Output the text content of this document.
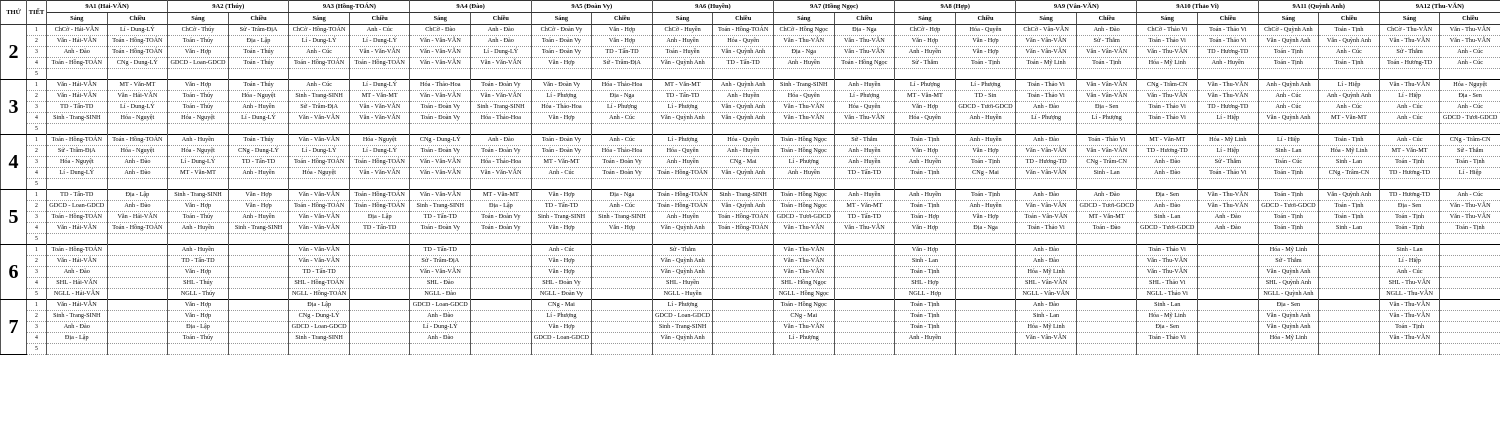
THỨ	TIẾT	9A1 (Hải-VĂN)		9A2 (Thúy)		9A3 (Hồng-TOÁN)		9A4 (Đào)		9A5 (Đoàn Vy)		9A6 (Huyền)		9A7 (Hồng Ngọc)		9A8 (Hợp)		9A9 (Vân-VĂN)		9A10 (Thảo Vi)		9A11 (Quỳnh Anh)		9A12 (Thu-VĂN)	
		Sáng	Chiều	Sáng	Chiều	Sáng	Chiều	Sáng	Chiều	Sáng	Chiều	Sáng	Chiều	Sáng	Chiều	Sáng	Chiều	Sáng	Chiều	Sáng	Chiều	Sáng	Chiều	Sáng	Chiều
2	1	ChCờ - Hải-VĂN	Lí - Dung-LÝ	ChCờ - Thúy	Sử - Trâm-ĐịA	ChCờ - Hồng-TOÁN	Anh - Cúc	ChCờ - Đào	Anh - Đào	ChCờ - Đoàn Vy	Văn - Hợp	ChCờ - Huyền	Toán - Hồng-TOÁN	ChCờ - Hồng Ngọc	Địa - Nga	ChCờ - Hợp	Hóa - Quyên	ChCờ - Vân-VĂN	Anh - Đào	ChCờ - Thảo Vi	Toán - Thảo Vi	ChCờ - Quỳnh Anh	Toán - Tịnh	ChCờ - Thu-VĂN	Văn - Thu-VĂN
	2	Văn - Hải-VĂN	Toán - Hồng-TOÁN	Toán - Thúy	Địa - Lập	Lí - Dung-LÝ	Lí - Dung-LÝ	Văn - Văn-VĂN	Anh - Đào	Toán - Đoàn Vy	Văn - Hợp	Anh - Huyền	Hóa - Quyên	Văn - Thu-VĂN	Văn - Thu-VĂN	Văn - Hợp	Văn - Hợp	Văn - Vân-VĂN	Sử - Thắm	Toán - Thảo Vi	Toán - Thảo Vi	Văn - Quỳnh Anh	Văn - Quỳnh Anh	Văn - Thu-VĂN	Văn - Thu-VĂN
	3	Anh - Đào	Toán - Hồng-TOÁN	Văn - Hợp	Toán - Thúy	Anh - Cúc	Văn - Văn-VĂN	Văn - Văn-VĂN	Lí - Dung-LÝ	Toán - Đoàn Vy	TD - Tấn-TD	Toán - Huyền	Văn - Quỳnh Anh	Địa - Nga	Văn - Thu-VĂN	Anh - Huyền	Văn - Hợp	Văn - Vân-VĂN	Văn - Vân-VĂN	Văn - Thu-VĂN	TD - Hương-TD	Toán - Tịnh	Anh - Cúc	Sử - Thắm	Anh - Cúc
	4	Toán - Hồng-TOÁN	CNg - Dung-LÝ	GDCD - Loan-GDCD	Toán - Thúy	Toán - Hồng-TOÁN	Toán - Hồng-TOÁN	Văn - Văn-VĂN	Văn - Văn-VĂN	Văn - Hợp	Sử - Trâm-ĐịA	Văn - Quỳnh Anh	TD - Tấn-TD	Anh - Huyền	Toán - Hồng Ngọc	Sử - Thắm	Toán - Tịnh	Toán - Mỹ Linh	Toán - Tịnh	Hóa - Mỹ Linh	Anh - Huyền	Toán - Tịnh	Toán - Tịnh	Toán - Hương-TD	Anh - Cúc
	5																								
3	1	Văn - Hải-VĂN	MT - Văn-MT	Văn - Hợp	Toán - Thúy	Anh - Cúc	Lí - Dung-LÝ	Hóa - Thảo-Hoa	Toán - Đoàn Vy	Văn - Đoàn Vy	Hóa - Thảo-Hoa	MT - Văn-MT	Anh - Quỳnh Anh	Sinh - Trang-SINH	Anh - Huyền	Lí - Phượng	Lí - Phượng	Toán - Thảo Vi	Văn - Vân-VĂN	CNg - Trâm-CN	Văn - Thu-VĂN	Anh - Quỳnh Anh	Lí - Hiệp	Văn - Thu-VĂN	Hóa - Nguyệt
	2	Văn - Hải-VĂN	Văn - Hải-VĂN	Toán - Thúy	Hóa - Nguyệt	Sinh - Trang-SINH	MT - Văn-MT	Văn - Văn-VĂN	Văn - Văn-VĂN	Lí - Phượng	Địa - Nga	TD - Tấn-TD	Anh - Huyền	Hóa - Quyên	Lí - Phượng	MT - Văn-MT	TD - Sin	Toán - Thảo Vi	Văn - Vân-VĂN	Văn - Thu-VĂN	Văn - Thu-VĂN	Anh - Cúc	Anh - Quỳnh Anh	Lí - Hiệp	Địa - Sen
	3	TD - Tấn-TD	Lí - Dung-LÝ	Toán - Thúy	Anh - Huyền	Sử - Trâm-ĐịA	Văn - Văn-VĂN	Toán - Đoàn Vy	Sinh - Trang-SINH	Hóa - Thảo-Hoa	Lí - Phượng	Lí - Phượng	Văn - Quỳnh Anh	Văn - Thu-VĂN	Hóa - Quyên	Văn - Hợp	GDCD - Tươi-GDCD	Anh - Đào	Địa - Sen	Toán - Thảo Vi	TD - Hương-TD	Anh - Cúc	Anh - Cúc	Anh - Cúc	Anh - Cúc
	4	Sinh - Trang-SINH	Hóa - Nguyệt	Hóa - Nguyệt	Lí - Dung-LÝ	Văn - Văn-VĂN	Văn - Văn-VĂN	Toán - Đoàn Vy	Hóa - Thảo-Hoa	Văn - Hợp	Anh - Cúc	Văn - Quỳnh Anh	Văn - Quỳnh Anh	Văn - Thu-VĂN	Văn - Thu-VĂN	Hóa - Quyên	Anh - Huyền	Lí - Phượng	Lí - Phượng	Toán - Thảo Vi	Lí - Hiệp	Văn - Quỳnh Anh	MT - Văn-MT	Anh - Cúc	GDCD - Tươi-GDCD
	5																								
4	1	Toán - Hồng-TOÁN	Toán - Hồng-TOÁN	Anh - Huyền	Toán - Thúy	Văn - Văn-VĂN	Hóa - Nguyệt	CNg - Dung-LÝ	Anh - Đào	Toán - Đoàn Vy	Anh - Cúc	Lí - Phượng	Hóa - Quyên	Toán - Hồng Ngọc	Sử - Thắm	Toán - Tịnh	Anh - Huyền	Anh - Đào	Toán - Thảo Vi	MT - Văn-MT	Hóa - Mỹ Linh	Lí - Hiệp	Toán - Tịnh	Anh - Cúc	CNg - Trâm-CN
	2	Sử - Trâm-ĐịA	Hóa - Nguyệt	Hóa - Nguyệt	CNg - Dung-LÝ	Lí - Dung-LÝ	Lí - Dung-LÝ	Toán - Đoàn Vy	Toán - Đoàn Vy	Toán - Đoàn Vy	Hóa - Thảo-Hoa	Hóa - Quyên	Anh - Huyền	Toán - Hồng Ngọc	Anh - Huyền	Văn - Hợp	Văn - Hợp	Văn - Vân-VĂN	Văn - Vân-VĂN	TD - Hương-TD	Lí - Hiệp	Sinh - Lan	Hóa - Mỹ Linh	MT - Văn-MT	Sử - Thắm
	3	Hóa - Nguyệt	Anh - Đào	Lí - Dung-LÝ	TD - Tấn-TD	Toán - Hồng-TOÁN	Toán - Hồng-TOÁN	Văn - Văn-VĂN	Hóa - Thảo-Hoa	MT - Văn-MT	Toán - Đoàn Vy	Anh - Huyền	CNg - Mai	Lí - Phượng	Anh - Huyền	Anh - Huyền	Toán - Tịnh	TD - Hương-TD	CNg - Trâm-CN	Anh - Đào	Sử - Thắm	Toán - Cúc	Sinh - Lan	Toán - Tịnh	Toán - Tịnh
	4	Lí - Dung-LÝ	Anh - Đào	MT - Văn-MT	Anh - Huyền	Hóa - Nguyệt	Văn - Văn-VĂN	Văn - Văn-VĂN	Văn - Văn-VĂN	Anh - Cúc	Toán - Đoàn Vy	Toán - Hồng-TOÁN	Văn - Quỳnh Anh	Anh - Huyền	TD - Tấn-TD	Toán - Tịnh	CNg - Mai	Văn - Vân-VĂN	Sinh - Lan	Anh - Đào	Toán - Thảo Vi	Toán - Tịnh	CNg - Trâm-CN	TD - Hương-TD	Lí - Hiệp
	5																								
5	1	TD - Tấn-TD	Địa - Lập	Sinh - Trang-SINH	Văn - Hợp	Văn - Văn-VĂN	Toán - Hồng-TOÁN	Văn - Văn-VĂN	MT - Văn-MT	Văn - Hợp	Địa - Nga	Toán - Hồng-TOÁN	Sinh - Trang-SINH	Toán - Hồng Ngọc	Anh - Huyền	Anh - Huyền	Toán - Tịnh	Anh - Đào	Anh - Đào	Địa - Sen	Văn - Thu-VĂN	Toán - Tịnh	Văn - Quỳnh Anh	TD - Hương-TD	Anh - Cúc
	2	GDCD - Loan-GDCD	Anh - Đào	Văn - Hợp	Văn - Hợp	Toán - Hồng-TOÁN	Toán - Hồng-TOÁN	Sinh - Trang-SINH	Địa - Lập	TD - Tấn-TD	Anh - Cúc	Toán - Hồng-TOÁN	Văn - Quỳnh Anh	Toán - Hồng Ngọc	MT - Văn-MT	Toán - Tịnh	Anh - Huyền	Văn - Vân-VĂN	GDCD - Tươi-GDCD	Anh - Đào	Văn - Thu-VĂN	GDCD - Tươi-GDCD	Toán - Tịnh	Địa - Sen	Văn - Thu-VĂN
	3	Toán - Hồng-TOÁN	Văn - Hải-VĂN	Toán - Thúy	Anh - Huyền	Văn - Văn-VĂN	Địa - Lập	TD - Tấn-TD	Toán - Đoàn Vy	Sinh - Trang-SINH	Sinh - Trang-SINH	Anh - Huyền	Toán - Hồng-TOÁN	GDCD - Tươi-GDCD	TD - Tấn-TD	Toán - Hợp	Văn - Hợp	Toán - Vân-VĂN	MT - Văn-MT	Sinh - Lan	Anh - Đào	Toán - Tịnh	Toán - Tịnh	Toán - Tịnh	Văn - Thu-VĂN
	4	Văn - Hải-VĂN	Toán - Hồng-TOÁN	Anh - Huyền	Sinh - Trang-SINH	Văn - Văn-VĂN	TD - Tấn-TD	Toán - Đoàn Vy	Toán - Đoàn Vy	Văn - Hợp	Văn - Hợp	Văn - Quỳnh Anh	Toán - Hồng-TOÁN	Văn - Thu-VĂN	Văn - Thu-VĂN	Văn - Hợp	Địa - Nga	Toán - Thảo Vi	Toán - Đào	GDCD - Tươi-GDCD	Anh - Đào	Toán - Tịnh	Sinh - Lan	Toán - Tịnh	Toán - Tịnh
	5																								
6	1	Toán - Hồng-TOÁN		Anh - Huyền		Văn - Văn-VĂN		TD - Tấn-TD		Anh - Cúc		Sử - Thắm		Văn - Thu-VĂN		Văn - Hợp		Anh - Đào		Toán - Thảo Vi		Hóa - Mỹ Linh		Sinh - Lan	
	2	Văn - Hải-VĂN		TD - Tấn-TD		Văn - Văn-VĂN		Sử - Trâm-ĐịA		Văn - Hợp		Văn - Quỳnh Anh		Văn - Thu-VĂN		Sinh - Lan		Anh - Đào		Văn - Thu-VĂN		Sử - Thắm		Lí - Hiệp	
	3	Anh - Đào		Văn - Hợp		TD - Tấn-TD		Văn - Văn-VĂN		Văn - Hợp		Văn - Quỳnh Anh		Văn - Thu-VĂN		Toán - Tịnh		Hóa - Mỹ Linh		Văn - Thu-VĂN		Văn - Quỳnh Anh		Anh - Cúc	
	4	SHL - Hải-VĂN		SHL - Thúy		SHL - Hồng-TOÁN		SHL - Đào		SHL - Đoàn Vy		SHL - Huyền		SHL - Hồng Ngọc		SHL - Hợp		SHL - Vân-VĂN		SHL - Thảo Vi		SHL - Quỳnh Anh		SHL - Thu-VĂN	
	5	NGLL - Hải-VĂN		NGLL - Thúy		NGLL - Hồng-TOÁN		NGLL - Đào		NGLL - Đoàn Vy		NGLL - Huyền		NGLL - Hồng Ngọc		NGLL - Hợp		NGLL - Vân-VĂN		NGLL - Thảo Vi		NGLL - Quỳnh Anh		NGLL - Thu-VĂN	
7	1	Văn - Hải-VĂN		Văn - Hợp		Địa - Lập		GDCD - Loan-GDCD		CNg - Mai		Lí - Phượng		Toán - Hồng Ngọc		Toán - Tịnh		Anh - Đào		Sinh - Lan		Địa - Sen		Văn - Thu-VĂN	
	2	Sinh - Trang-SINH		Văn - Hợp		CNg - Dung-LÝ		Anh - Đào		Lí - Phượng		GDCD - Loan-GDCD		CNg - Mai		Toán - Tịnh		Sinh - Lan		Hóa - Mỹ Linh		Văn - Quỳnh Anh		Văn - Thu-VĂN	
	3	Anh - Đào		Địa - Lập		GDCD - Loan-GDCD		Lí - Dung-LÝ		Văn - Hợp		Sinh - Trang-SINH		Văn - Thu-VĂN		Toán - Tịnh		Hóa - Mỹ Linh		Địa - Sen		Văn - Quỳnh Anh		Toán - Tịnh	
	4	Địa - Lập		Toán - Thúy		Sinh - Trang-SINH		Anh - Đào		GDCD - Loan-GDCD		Văn - Quỳnh Anh		Lí - Phượng		Anh - Huyền		Văn - Vân-VĂN		Toán - Thảo Vi		Hóa - Mỹ Linh		Văn - Thu-VĂN	
	5																								
